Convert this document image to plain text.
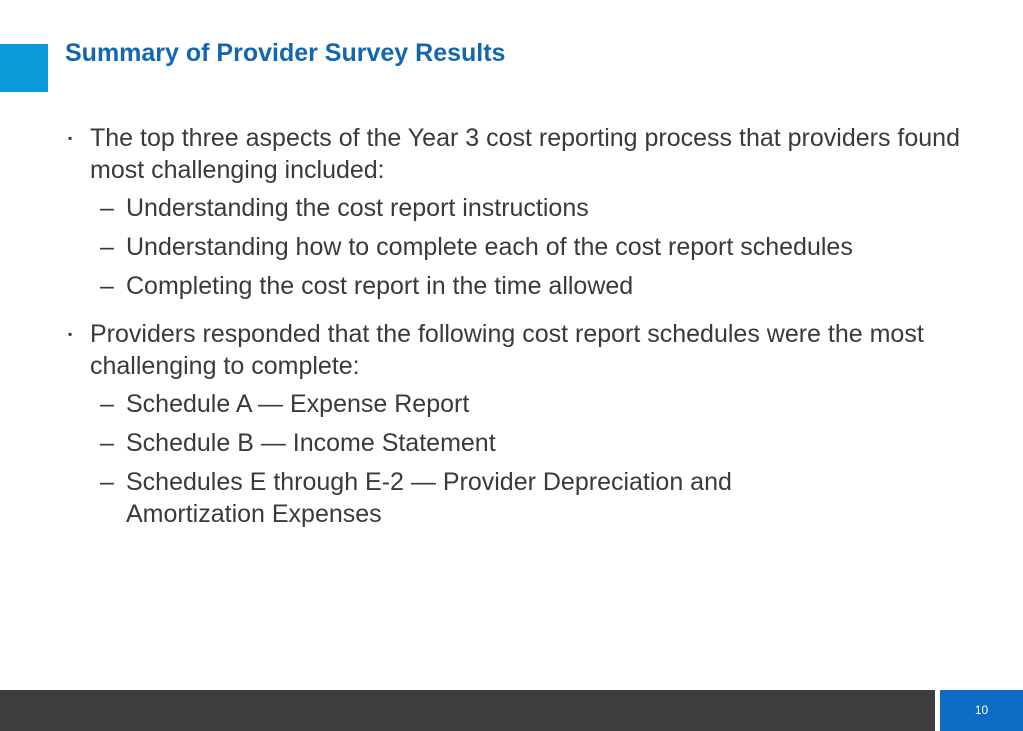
Summary of Provider Survey Results
▪ The top three aspects of the Year 3 cost reporting process that providers found most challenging included:
– Understanding the cost report instructions
– Understanding how to complete each of the cost report schedules
– Completing the cost report in the time allowed
▪ Providers responded that the following cost report schedules were the most challenging to complete:
– Schedule A — Expense Report
– Schedule B — Income Statement
– Schedules E through E-2 — Provider Depreciation and Amortization Expenses
10
